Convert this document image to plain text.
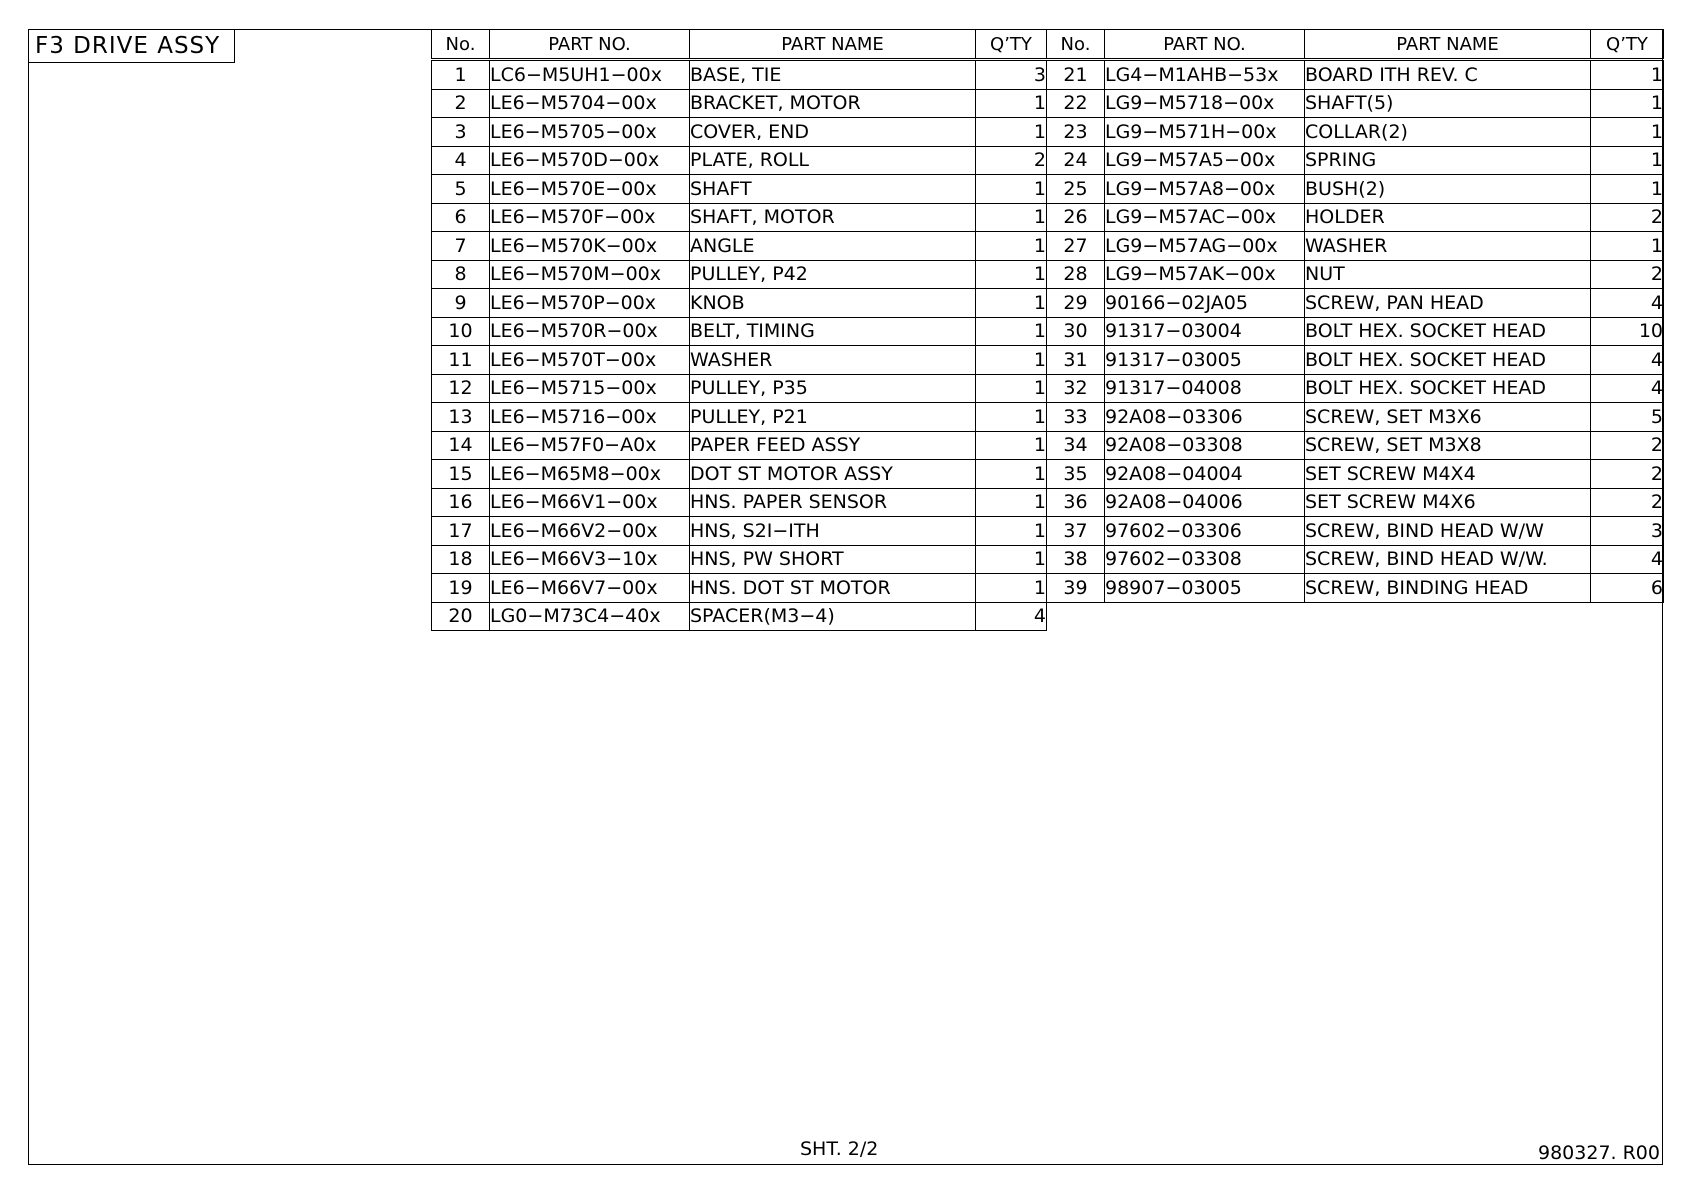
F3 DRIVE ASSY	No.	PART NO.	PART NAME	Q’TY
1	LC6−M5UH1−00x	BASE, TIE	3
2	LE6−M5704−00x	BRACKET, MOTOR	1
3	LE6−M5705−00x	COVER, END	1
4	LE6−M570D−00x	PLATE, ROLL	2
5	LE6−M570E−00x	SHAFT	1
6	LE6−M570F−00x	SHAFT, MOTOR	1
7	LE6−M570K−00x	ANGLE	1
8	LE6−M570M−00x	PULLEY, P42	1
9	LE6−M570P−00x	KNOB	1
10	LE6−M570R−00x	BELT, TIMING	1
11	LE6−M570T−00x	WASHER	1
12	LE6−M5715−00x	PULLEY, P35	1
13	LE6−M5716−00x	PULLEY, P21	1
14	LE6−M57F0−A0x	PAPER FEED ASSY	1
15	LE6−M65M8−00x	DOT ST MOTOR ASSY	1
16	LE6−M66V1−00x	HNS. PAPER SENSOR	1
17	LE6−M66V2−00x	HNS, S2I−ITH	1
18	LE6−M66V3−10x	HNS, PW SHORT	1
19	LE6−M66V7−00x	HNS. DOT ST MOTOR	1
20	LG0−M73C4−40x	SPACER(M3−4)	4
No.	PART NO.	PART NAME	Q’TY
21	LG4−M1AHB−53x	BOARD ITH REV. C	1
22	LG9−M5718−00x	SHAFT(5)	1
23	LG9−M571H−00x	COLLAR(2)	1
24	LG9−M57A5−00x	SPRING	1
25	LG9−M57A8−00x	BUSH(2)	1
26	LG9−M57AC−00x	HOLDER	2
27	LG9−M57AG−00x	WASHER	1
28	LG9−M57AK−00x	NUT	2
29	90166−02JA05	SCREW, PAN HEAD	4
30	91317−03004	BOLT HEX. SOCKET HEAD	10
31	91317−03005	BOLT HEX. SOCKET HEAD	4
32	91317−04008	BOLT HEX. SOCKET HEAD	4
33	92A08−03306	SCREW, SET M3X6	5
34	92A08−03308	SCREW, SET M3X8	2
35	92A08−04004	SET SCREW M4X4	2
36	92A08−04006	SET SCREW M4X6	2
37	97602−03306	SCREW, BIND HEAD W/W	3
38	97602−03308	SCREW, BIND HEAD W/W.	4
39	98907−03005	SCREW, BINDING HEAD	6
SHT. 2/2	980327. R00
